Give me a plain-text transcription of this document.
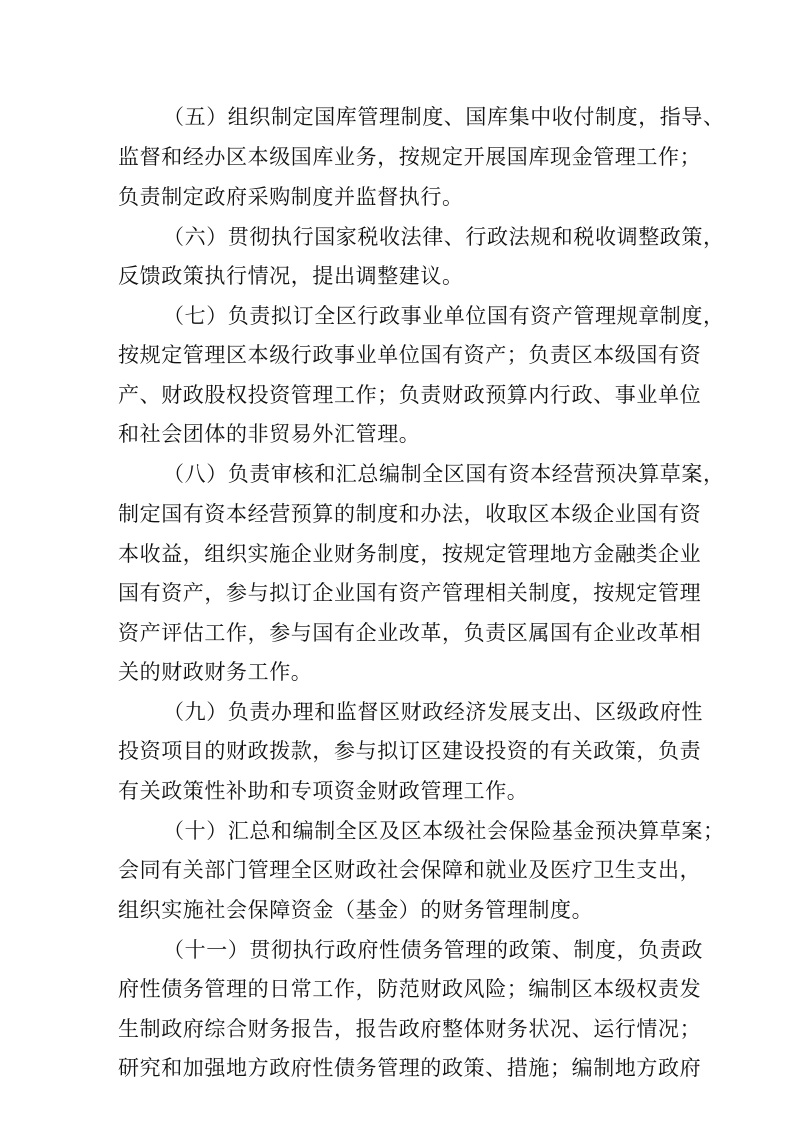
（五）组织制定国库管理制度、国库集中收付制度，指导、
监督和经办区本级国库业务，按规定开展国库现金管理工作；
负责制定政府采购制度并监督执行。
（六）贯彻执行国家税收法律、行政法规和税收调整政策，
反馈政策执行情况，提出调整建议。
（七）负责拟订全区行政事业单位国有资产管理规章制度，
按规定管理区本级行政事业单位国有资产；负责区本级国有资
产、财政股权投资管理工作；负责财政预算内行政、事业单位
和社会团体的非贸易外汇管理。
（八）负责审核和汇总编制全区国有资本经营预决算草案，
制定国有资本经营预算的制度和办法，收取区本级企业国有资
本收益，组织实施企业财务制度，按规定管理地方金融类企业
国有资产，参与拟订企业国有资产管理相关制度，按规定管理
资产评估工作，参与国有企业改革，负责区属国有企业改革相
关的财政财务工作。
（九）负责办理和监督区财政经济发展支出、区级政府性
投资项目的财政拨款，参与拟订区建设投资的有关政策，负责
有关政策性补助和专项资金财政管理工作。
（十）汇总和编制全区及区本级社会保险基金预决算草案；
会同有关部门管理全区财政社会保障和就业及医疗卫生支出，
组织实施社会保障资金（基金）的财务管理制度。
（十一）贯彻执行政府性债务管理的政策、制度，负责政
府性债务管理的日常工作，防范财政风险；编制区本级权责发
生制政府综合财务报告，报告政府整体财务状况、运行情况；
研究和加强地方政府性债务管理的政策、措施；编制地方政府
